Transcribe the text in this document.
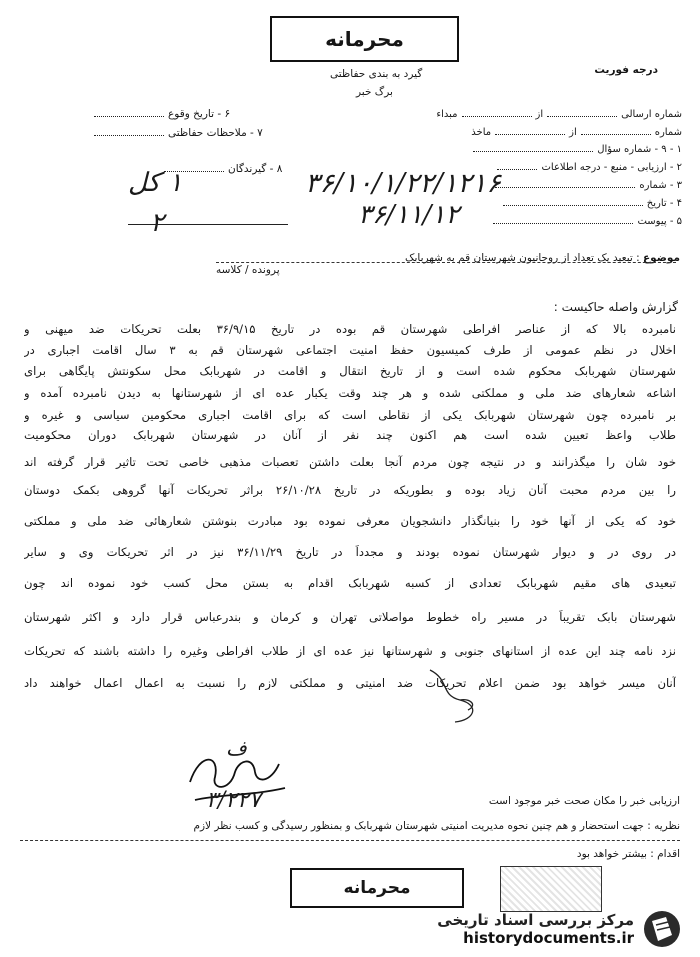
محرمانه
گیرد به بندی حفاظتی
برگ خبر
درجه فوریت
شماره ارسالیازمبداء
شمارهازماخذ
۱ - ۹ - شماره سؤال
۲ - ارزیابی - منبع - درجه اطلاعات
۳ - شماره
۴ - تاریخ
۵ - پیوست
۶ - تاریخ وقوع
۷ - ملاحظات حفاظتی
۸ - گیرندگان ۳۶/۱۰/۱/۲۲/۱۲۱۶
۳۶/۱۱/۱۲
۱ کل
۲
موضوع : تبعید یک تعداد از روحانیون شهرستان قم به شهربابک
پرونده / کلاسه
گزارش واصله حاکیست :
نامبرده بالا که از عناصر افراطی شهرستان قم بوده در تاریخ ۳۶/۹/۱۵ بعلت تحریکات ضد میهنی و
اخلال در نظم عمومی از طرف کمیسیون حفظ امنیت اجتماعی شهرستان قم به ۳ سال اقامت اجباری در
شهرستان شهربابک محکوم شده است و از تاریخ انتقال و اقامت در شهربابک محل سکونتش پایگاهی برای
اشاعه شعارهای ضد ملی و مملکتی شده و هر چند وقت یکبار عده ای از شهرستانها به دیدن نامبرده آمده و
بر نامبرده چون شهرستان شهربابک یکی از نقاطی است که برای اقامت اجباری محکومین سیاسی و غیره و
طلاب واعظ تعیین شده است هم اکنون چند نفر از آنان در شهرستان شهربابک دوران محکومیت
خود شان را میگذرانند و در نتیجه چون مردم آنجا بعلت داشتن تعصبات مذهبی خاصی تحت تاثیر قرار گرفته اند
را بین مردم محبت آنان زیاد بوده و بطوریکه در تاریخ ۲۶/۱۰/۲۸ براثر تحریکات آنها گروهی بکمک دوستان
خود که یکی از آنها خود را بنیانگذار دانشجویان معرفی نموده بود مبادرت بنوشتن شعارهائی ضد ملی و مملکتی
در روی در و دیوار شهرستان نموده بودند و مجدداً در تاریخ ۳۶/۱۱/۲۹ نیز در اثر تحریکات وی و سایر
تبعیدی های مقیم شهربابک تعدادی از کسبه شهربابک اقدام به بستن محل کسب خود نموده اند چون
شهرستان بابک تقریباً در مسیر راه خطوط مواصلاتی تهران و کرمان و بندرعباس قرار دارد و اکثر شهرستان
نزد نامه چند این عده از استانهای جنوبی و شهرستانها نیز عده ای از طلاب افراطی وغیره را داشته باشند که تحریکات
آنان میسر خواهد بود ضمن اعلام تحریکات ضد امنیتی و مملکتی لازم را نسبت به اعمال اعمال خواهند داد
ف
ارزیابی خبر را مکان صحت خبر موجود است
نظریه : جهت استحضار و هم چنین نحوه مدیریت امنیتی شهرستان شهربابک و بمنظور رسیدگی و کسب نظر لازم
اقدام : بیشتر خواهد بود
۳/۲۲۷
محرمانه
مرکز بررسی اسناد تاریخی
historydocuments.ir
